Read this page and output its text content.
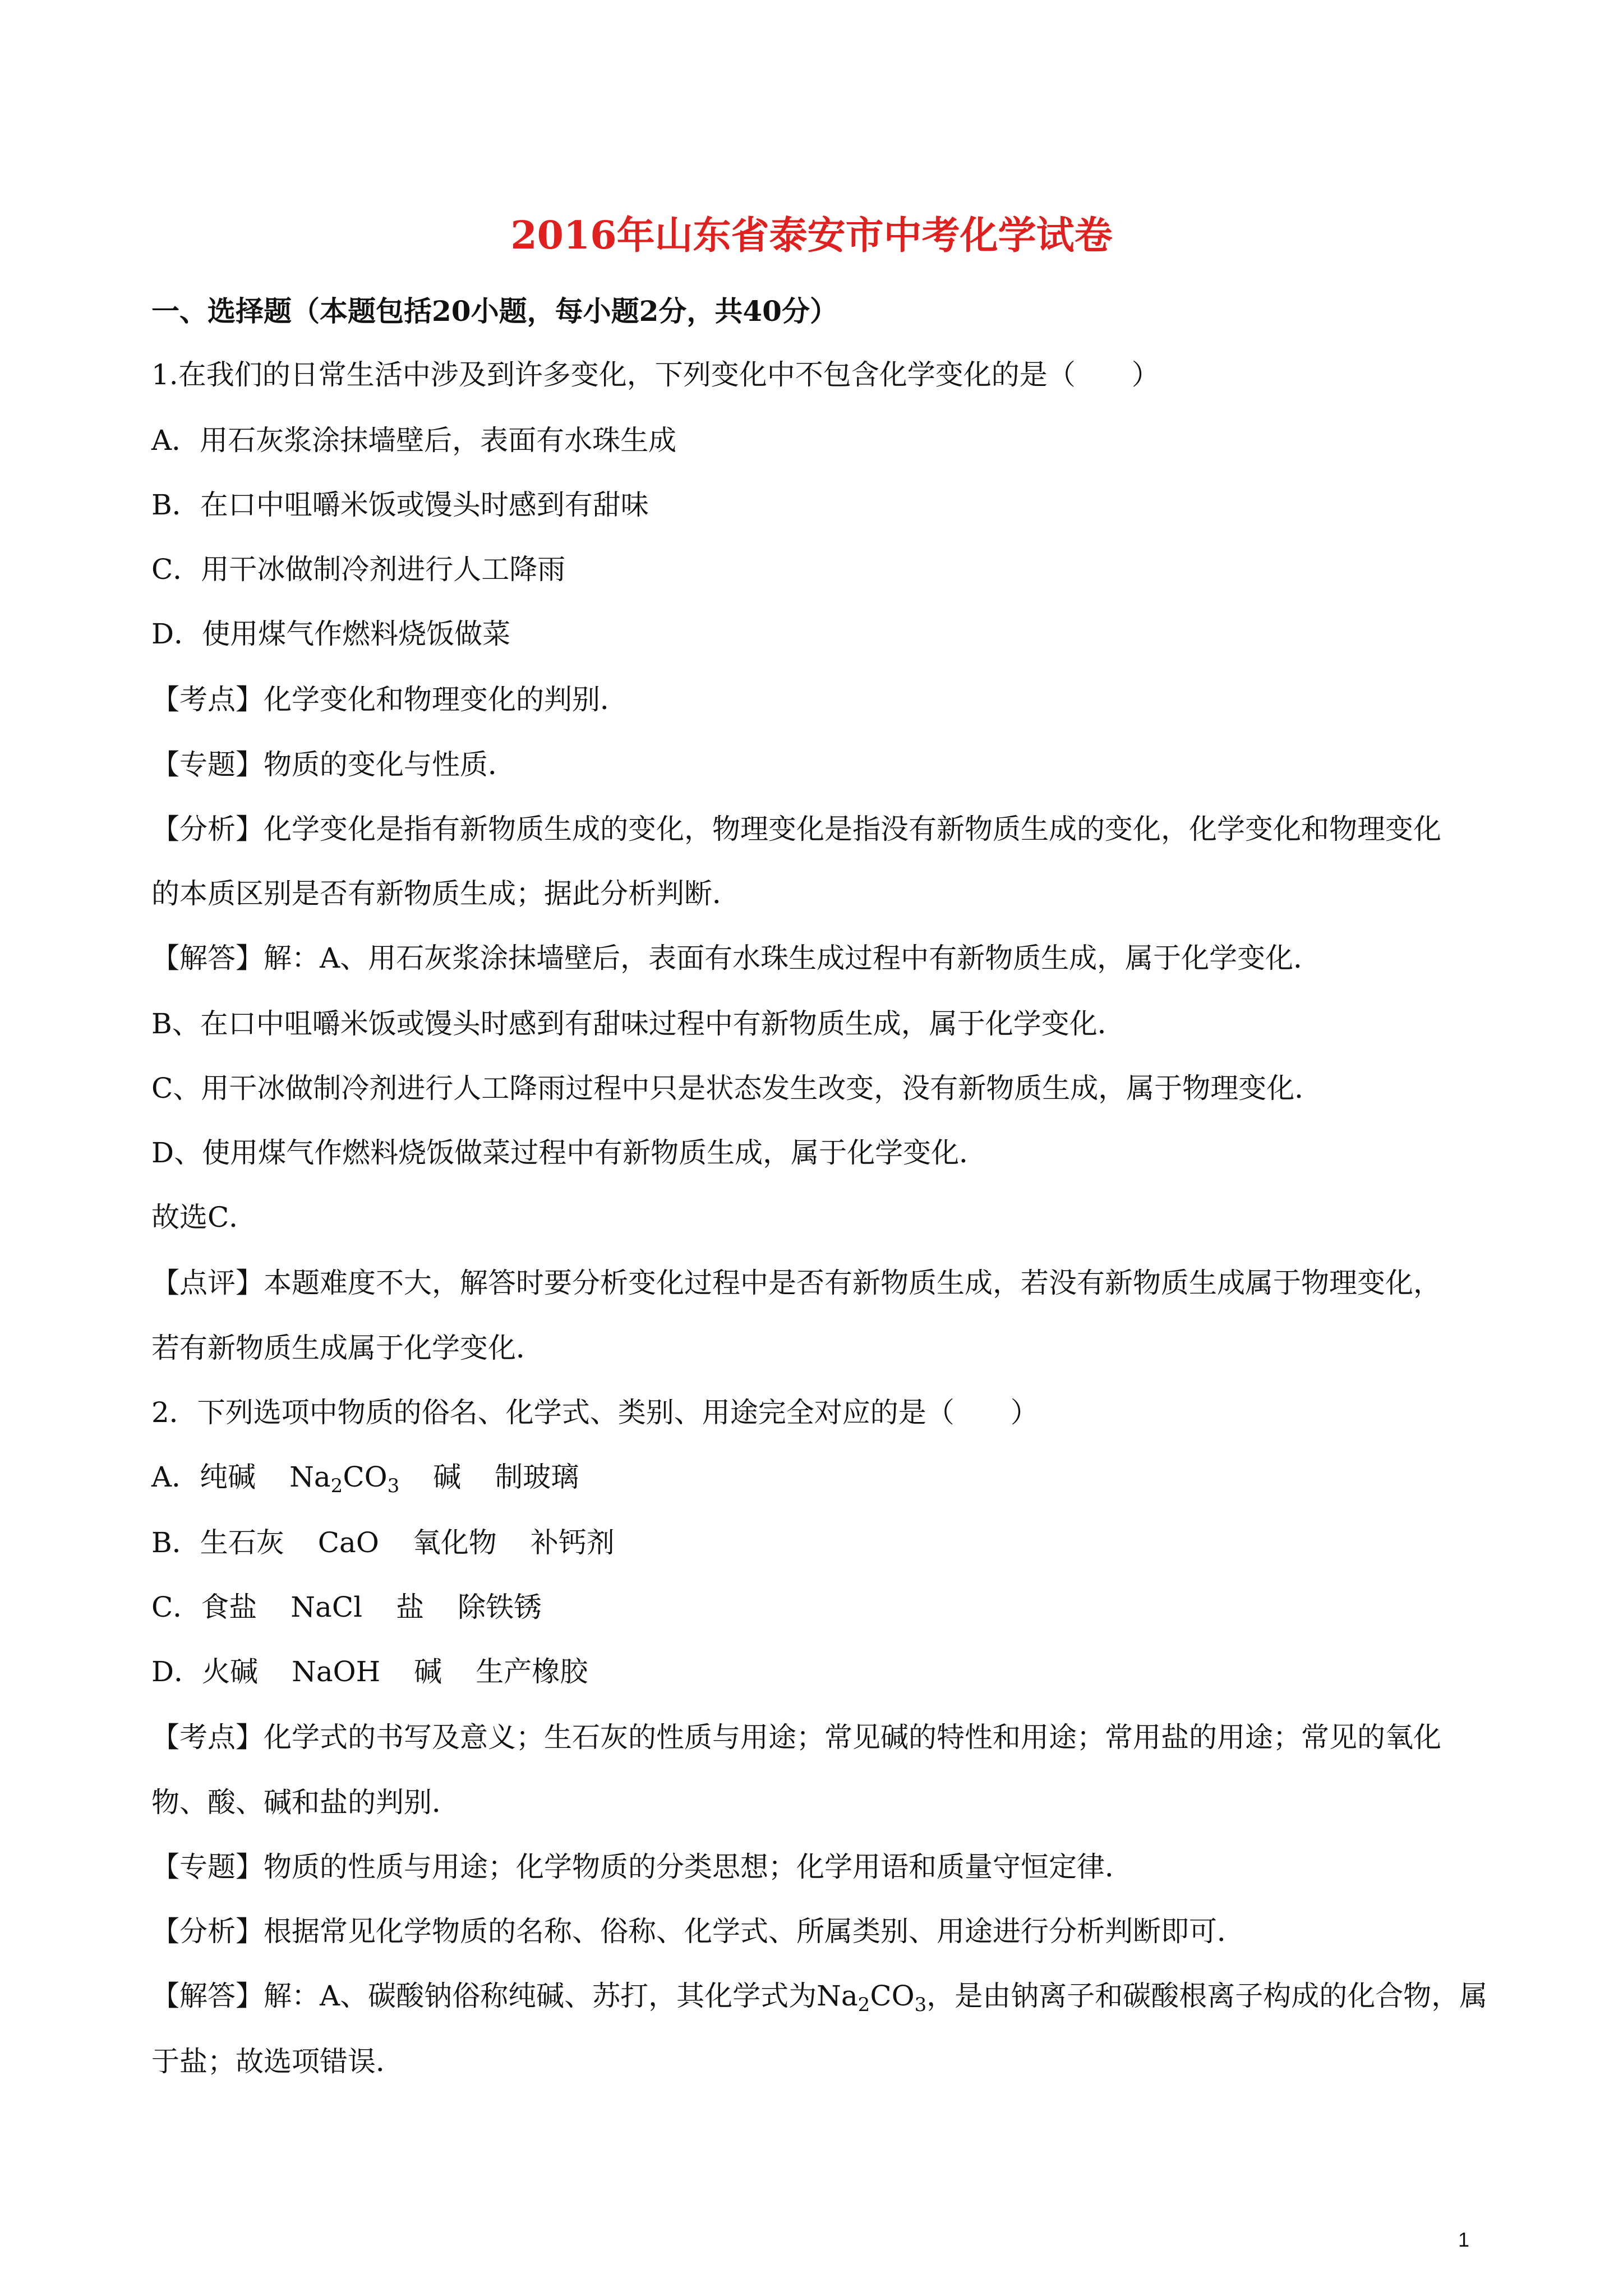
2016年山东省泰安市中考化学试卷
一、选择题（本题包括20小题，每小题2分，共40分）
1.在我们的日常生活中涉及到许多变化，下列变化中不包含化学变化的是（　　）
A．用石灰浆涂抹墙壁后，表面有水珠生成
B．在口中咀嚼米饭或馒头时感到有甜味
C．用干冰做制冷剂进行人工降雨
D．使用煤气作燃料烧饭做菜
【考点】化学变化和物理变化的判别．
【专题】物质的变化与性质．
【分析】化学变化是指有新物质生成的变化，物理变化是指没有新物质生成的变化，化学变化和物理变化
的本质区别是否有新物质生成；据此分析判断．
【解答】解：A、用石灰浆涂抹墙壁后，表面有水珠生成过程中有新物质生成，属于化学变化．
B、在口中咀嚼米饭或馒头时感到有甜味过程中有新物质生成，属于化学变化．
C、用干冰做制冷剂进行人工降雨过程中只是状态发生改变，没有新物质生成，属于物理变化．
D、使用煤气作燃料烧饭做菜过程中有新物质生成，属于化学变化．
故选C．
【点评】本题难度不大，解答时要分析变化过程中是否有新物质生成，若没有新物质生成属于物理变化，
若有新物质生成属于化学变化．
2．下列选项中物质的俗名、化学式、类别、用途完全对应的是（　　）
A．纯碱 $Na_2CO_3$ 碱 制玻璃
B．生石灰 CaO 氧化物 补钙剂
C．食盐 NaCl 盐 除铁锈
D．火碱 NaOH 碱 生产橡胶
【考点】化学式的书写及意义；生石灰的性质与用途；常见碱的特性和用途；常用盐的用途；常见的氧化
物、酸、碱和盐的判别．
【专题】物质的性质与用途；化学物质的分类思想；化学用语和质量守恒定律．
【分析】根据常见化学物质的名称、俗称、化学式、所属类别、用途进行分析判断即可．
【解答】解：A、碳酸钠俗称纯碱、苏打，其化学式为$Na_2CO_3$，是由钠离子和碳酸根离子构成的化合物，属
于盐；故选项错误．
1
